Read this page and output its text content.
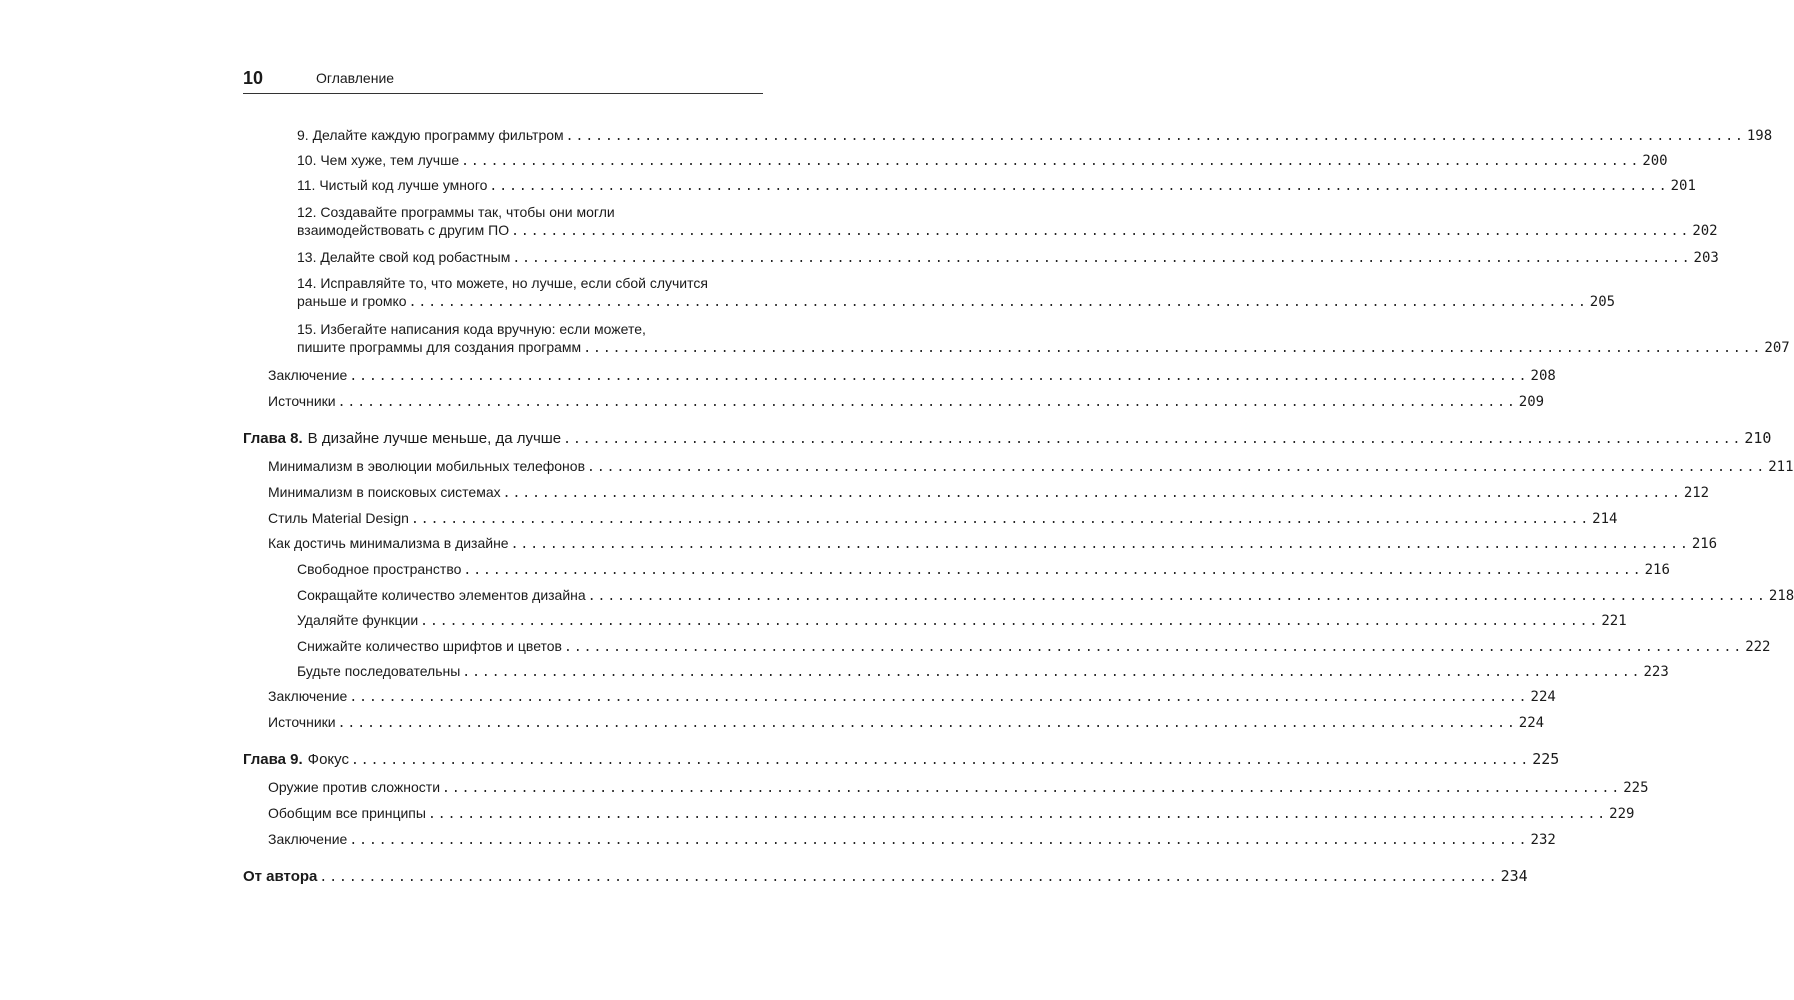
10	Оглавление
9. Делайте каждую программу фильтром ........................................................................................................................ 198
10. Чем хуже, тем лучше ........................................................................................................................ 200
11. Чистый код лучше умного ........................................................................................................................ 201
12. Создавайте программы так, чтобы они могли
взаимодействовать с другим ПО ........................................................................................................................ 202
13. Делайте свой код робастным ........................................................................................................................ 203
14. Исправляйте то, что можете, но лучше, если сбой случится
раньше и громко ........................................................................................................................ 205
15. Избегайте написания кода вручную: если можете,
пишите программы для создания программ ........................................................................................................................ 207
Заключение ........................................................................................................................ 208
Источники ........................................................................................................................ 209
Глава 8. В дизайне лучше меньше, да лучше ........................................................................................................................ 210
Минимализм в эволюции мобильных телефонов ........................................................................................................................ 211
Минимализм в поисковых системах ........................................................................................................................ 212
Стиль Material Design ........................................................................................................................ 214
Как достичь минимализма в дизайне ........................................................................................................................ 216
Свободное пространство ........................................................................................................................ 216
Сокращайте количество элементов дизайна ........................................................................................................................ 218
Удаляйте функции ........................................................................................................................ 221
Снижайте количество шрифтов и цветов ........................................................................................................................ 222
Будьте последовательны ........................................................................................................................ 223
Заключение ........................................................................................................................ 224
Источники ........................................................................................................................ 224
Глава 9. Фокус ........................................................................................................................ 225
Оружие против сложности ........................................................................................................................ 225
Обобщим все принципы ........................................................................................................................ 229
Заключение ........................................................................................................................ 232
От автора ........................................................................................................................ 234
